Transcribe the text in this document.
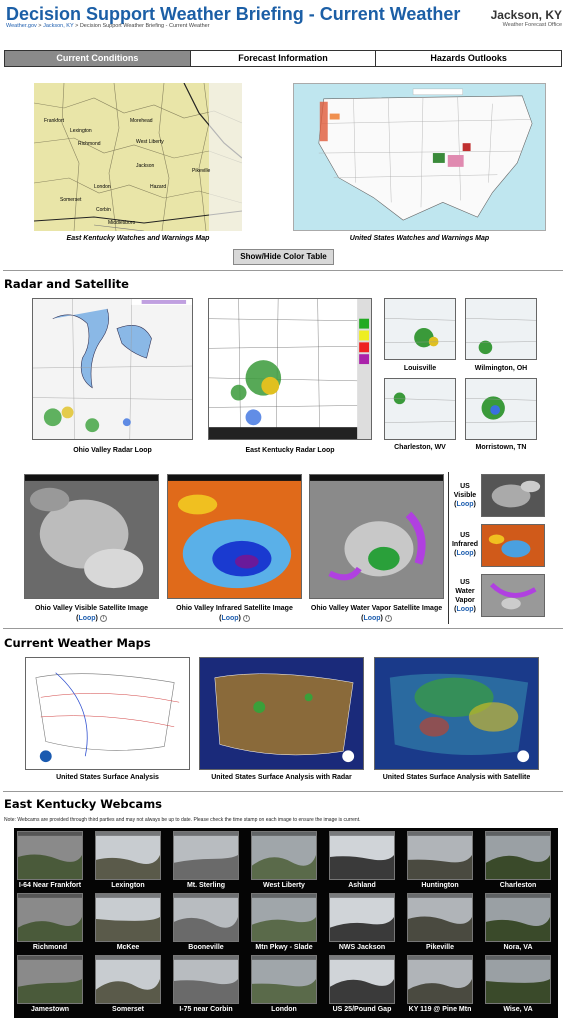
Decision Support Weather Briefing - Current Weather
Weather.gov > Jackson, KY > Decision Support Weather Briefing - Current Weather
Jackson, KY
Weather Forecast Office
Current Conditions	Forecast Information	Hazards Outlooks
Frankfort
Lexington
Richmond
Morehead
West Liberty
Jackson
Pikeville
London	Hazard
Somerset
Corbin
Middlesboro
East Kentucky Watches and Warnings Map	United States Watches and Warnings Map
Show/Hide Color Table
Radar and Satellite
Ohio Valley Radar Loop	East Kentucky Radar Loop
Louisville	Wilmington, OH
Charleston, WV	Morristown, TN
Ohio Valley Visible Satellite Image
(Loop) i
Ohio Valley Infrared Satellite Image
(Loop) i
Ohio Valley Water Vapor Satellite Image
(Loop) i
US
Visible
(Loop)
US
Infrared
(Loop)
US
Water
Vapor
(Loop)
Current Weather Maps
United States Surface Analysis	United States Surface Analysis with Radar	United States Surface Analysis with Satellite
East Kentucky Webcams
Note: Webcams are provided through third parties and may not always be up to date. Please check the time stamp on each image to ensure the image is current.
I-64 Near Frankfort	Lexington	Mt. Sterling	West Liberty	Ashland	Huntington	Charleston
Richmond	McKee	Booneville	Mtn Pkwy - Slade	NWS Jackson	Pikeville	Nora, VA
Jamestown	Somerset	I-75 near Corbin	London	US 25/Pound Gap	KY 119 @ Pine Mtn	Wise, VA
